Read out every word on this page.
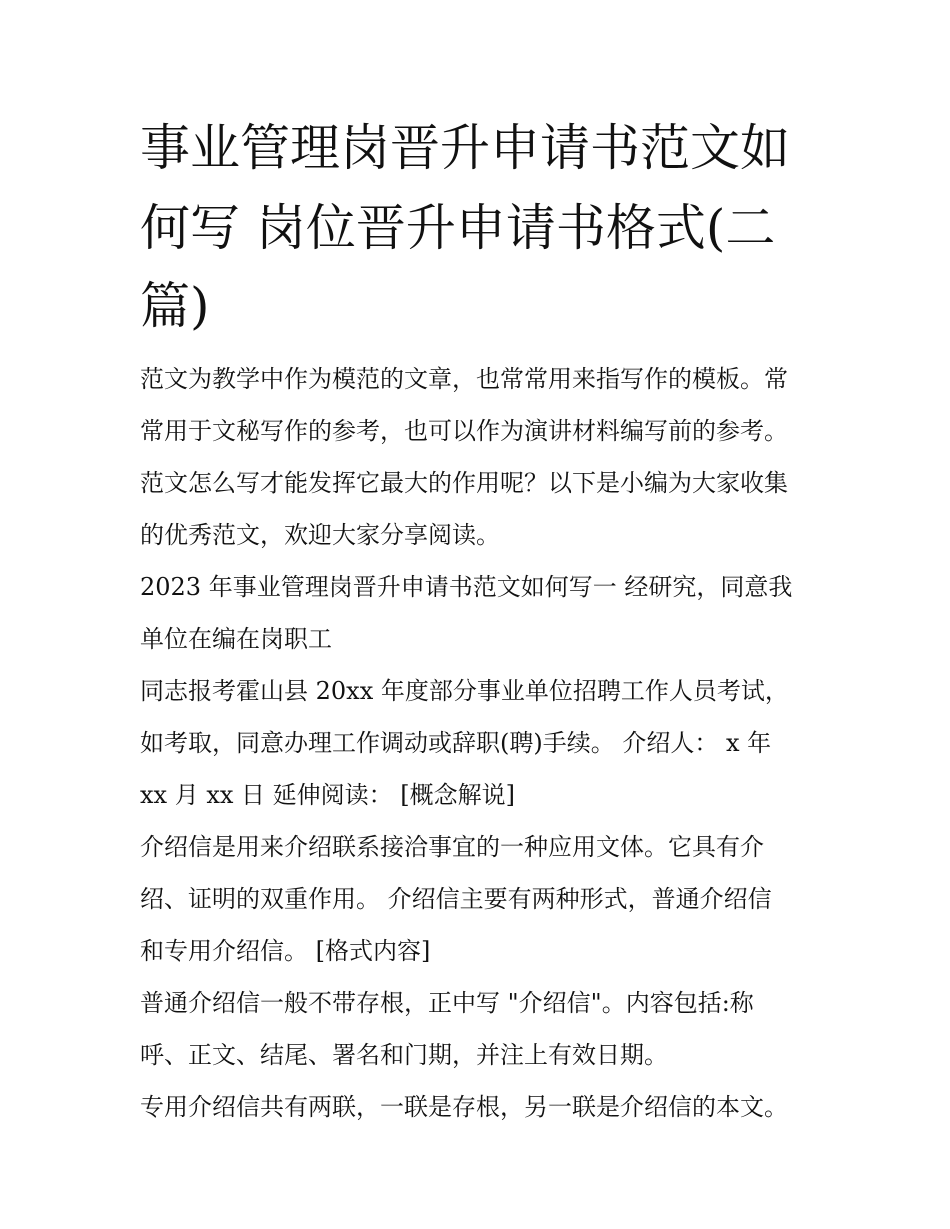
事业管理岗晋升申请书范文如
何写 岗位晋升申请书格式(二
篇)
范文为教学中作为模范的文章，也常常用来指写作的模板。常
常用于文秘写作的参考，也可以作为演讲材料编写前的参考。
范文怎么写才能发挥它最大的作用呢？以下是小编为大家收集
的优秀范文，欢迎大家分享阅读。
2023 年事业管理岗晋升申请书范文如何写一 经研究，同意我
单位在编在岗职工
同志报考霍山县 20xx 年度部分事业单位招聘工作人员考试，
如考取，同意办理工作调动或辞职(聘)手续。 介绍人： x 年
xx 月 xx 日 延伸阅读： [概念解说]
介绍信是用来介绍联系接洽事宜的一种应用文体。它具有介
绍、证明的双重作用。 介绍信主要有两种形式，普通介绍信
和专用介绍信。 [格式内容]
普通介绍信一般不带存根，正中写 "介绍信"。内容包括:称
呼、正文、结尾、署名和门期，并注上有效日期。
专用介绍信共有两联，一联是存根，另一联是介绍信的本文。
